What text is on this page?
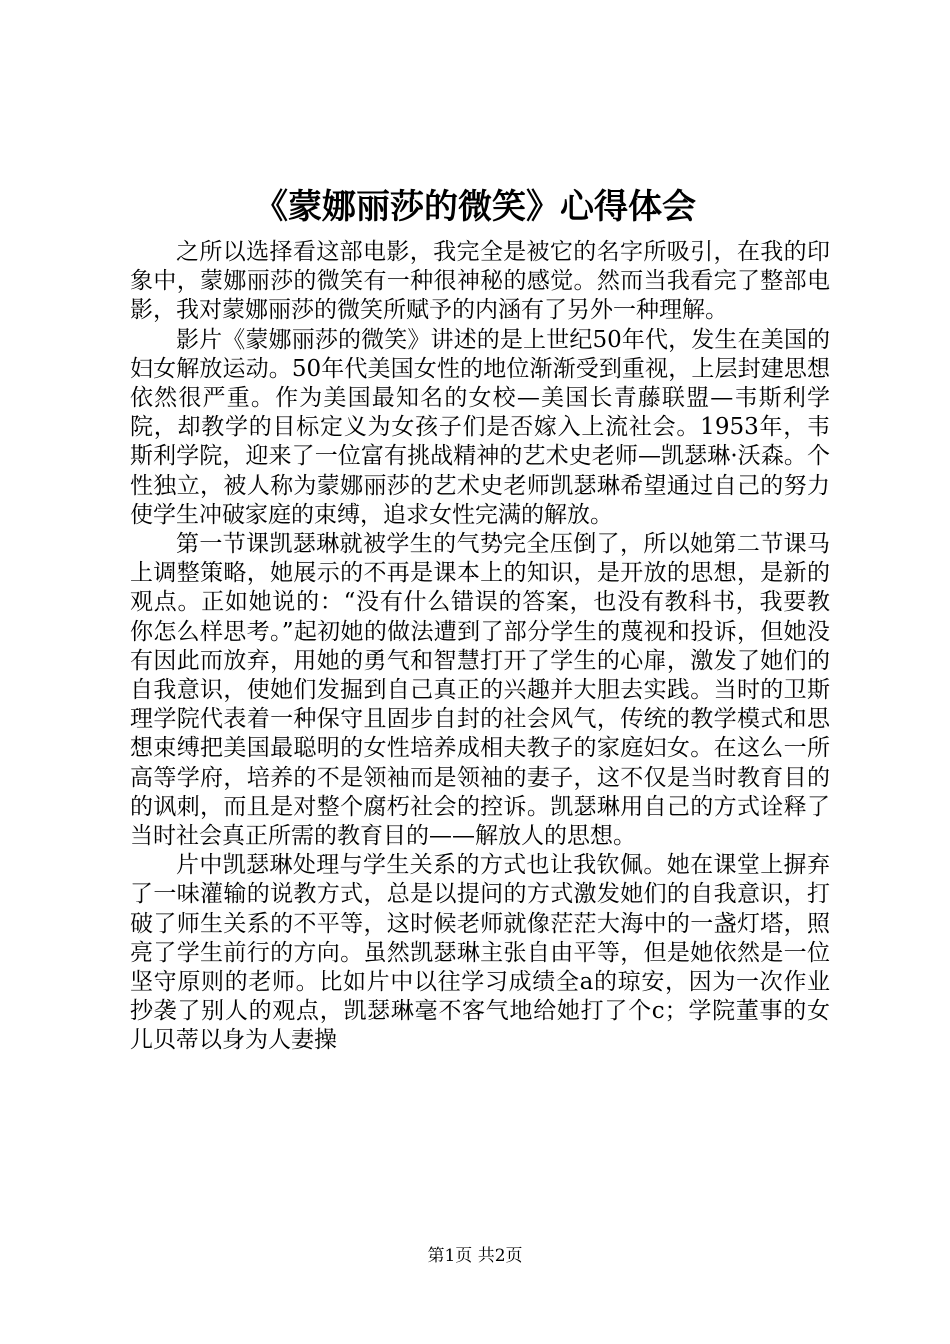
《蒙娜丽莎的微笑》心得体会

之所以选择看这部电影，我完全是被它的名字所吸引，在我的印象中，蒙娜丽莎的微笑有一种很神秘的感觉。然而当我看完了整部电影，我对蒙娜丽莎的微笑所赋予的内涵有了另外一种理解。

影片《蒙娜丽莎的微笑》讲述的是上世纪50年代，发生在美国的妇女解放运动。50年代美国女性的地位渐渐受到重视，上层封建思想依然很严重。作为美国最知名的女校—美国长青藤联盟—韦斯利学院，却教学的目标定义为女孩子们是否嫁入上流社会。1953年，韦斯利学院，迎来了一位富有挑战精神的艺术史老师—凯瑟琳·沃森。个性独立，被人称为蒙娜丽莎的艺术史老师凯瑟琳希望通过自己的努力使学生冲破家庭的束缚，追求女性完满的解放。

第一节课凯瑟琳就被学生的气势完全压倒了，所以她第二节课马上调整策略，她展示的不再是课本上的知识，是开放的思想，是新的观点。正如她说的：“没有什么错误的答案，也没有教科书，我要教你怎么样思考。”起初她的做法遭到了部分学生的蔑视和投诉，但她没有因此而放弃，用她的勇气和智慧打开了学生的心扉，激发了她们的自我意识，使她们发掘到自己真正的兴趣并大胆去实践。当时的卫斯理学院代表着一种保守且固步自封的社会风气，传统的教学模式和思想束缚把美国最聪明的女性培养成相夫教子的家庭妇女。在这么一所高等学府，培养的不是领袖而是领袖的妻子，这不仅是当时教育目的的讽刺，而且是对整个腐朽社会的控诉。凯瑟琳用自己的方式诠释了当时社会真正所需的教育目的——解放人的思想。

片中凯瑟琳处理与学生关系的方式也让我钦佩。她在课堂上摒弃了一味灌输的说教方式，总是以提问的方式激发她们的自我意识，打破了师生关系的不平等，这时候老师就像茫茫大海中的一盏灯塔，照亮了学生前行的方向。虽然凯瑟琳主张自由平等，但是她依然是一位坚守原则的老师。比如片中以往学习成绩全a的琼安，因为一次作业抄袭了别人的观点，凯瑟琳毫不客气地给她打了个c；学院董事的女儿贝蒂以身为人妻操

第1页 共2页
